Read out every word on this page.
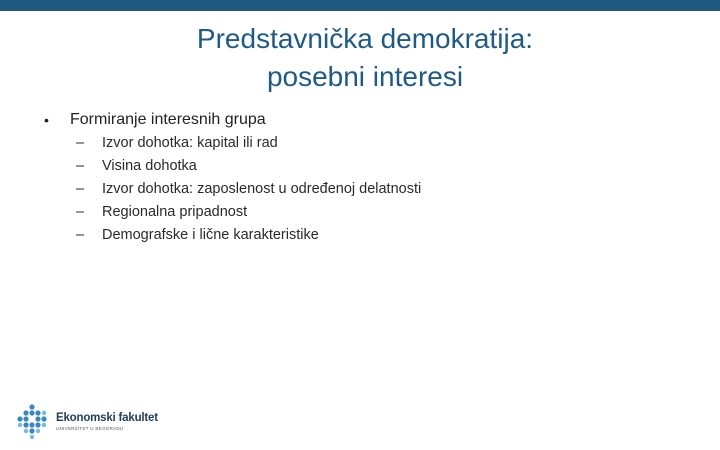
Predstavnička demokratija:
posebni interesi
• Formiranje interesnih grupa
– Izvor dohotka: kapital ili rad
– Visina dohotka
– Izvor dohotka: zaposlenost u određenoj delatnosti
– Regionalna pripadnost
– Demografske i lične karakteristike
Ekonomski fakultet
UNIVERZITET U BEOGRADU
